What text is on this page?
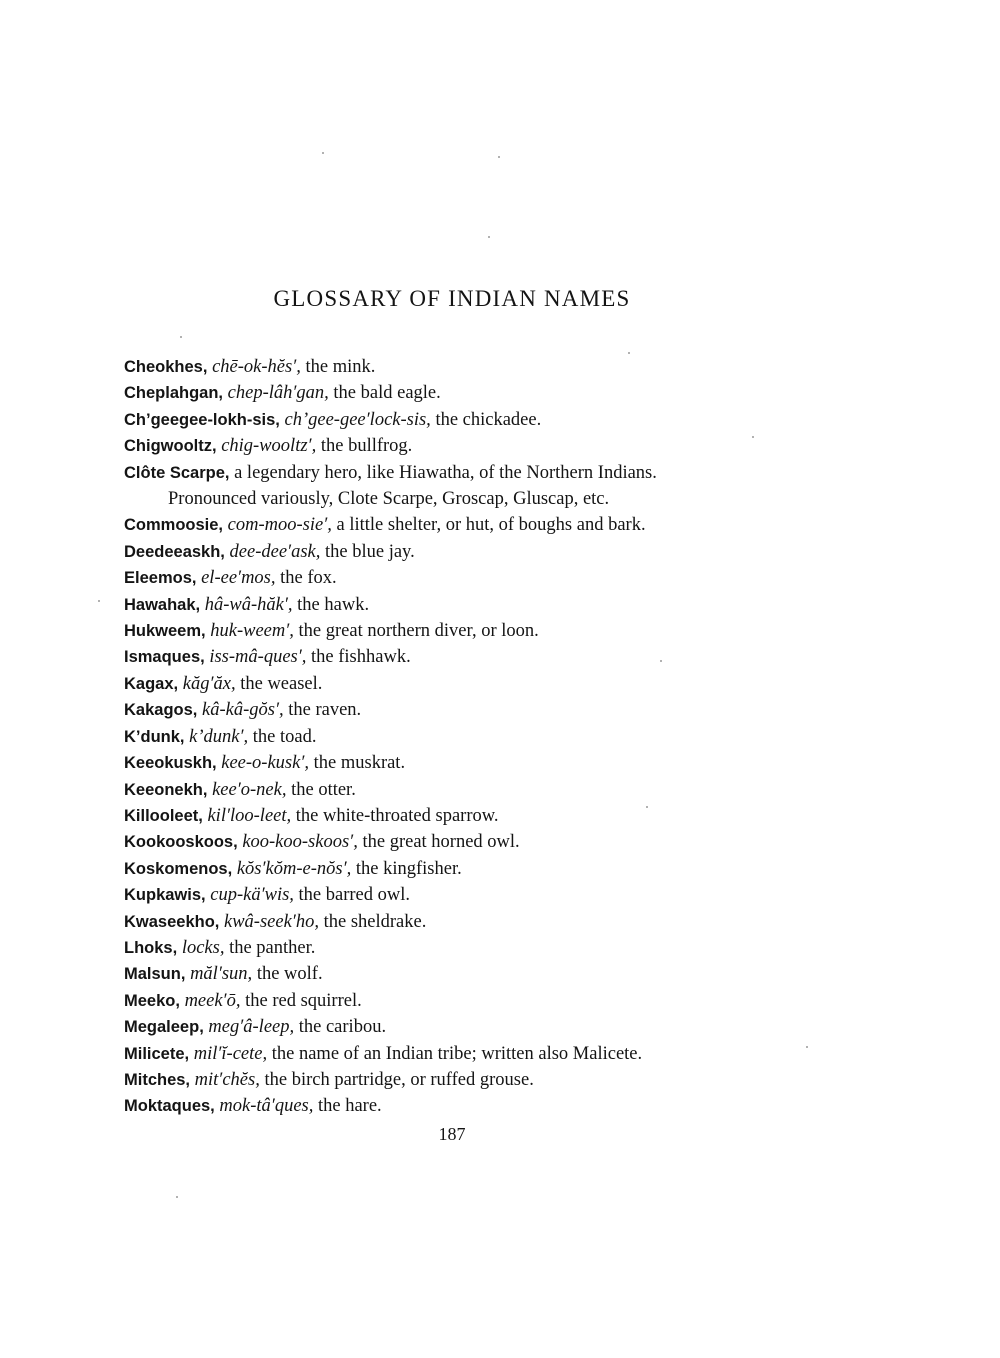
GLOSSARY OF INDIAN NAMES
Cheokhes, chē-ok-hĕs′, the mink.
Cheplahgan, chep-lâh′gan, the bald eagle.
Ch’geegee-lokh-sis, ch’gee-gee′lock-sis, the chickadee.
Chigwooltz, chig-wooltz′, the bullfrog.
Clôte Scarpe, a legendary hero, like Hiawatha, of the Northern Indians.
Pronounced variously, Clote Scarpe, Groscap, Gluscap, etc.
Commoosie, com-moo-sie′, a little shelter, or hut, of boughs and bark.
Deedeeaskh, dee-dee′ask, the blue jay.
Eleemos, el-ee′mos, the fox.
Hawahak, hâ-wâ-hăk′, the hawk.
Hukweem, huk-weem′, the great northern diver, or loon.
Ismaques, iss-mâ-ques′, the fishhawk.
Kagax, kăg′ăx, the weasel.
Kakagos, kâ-kâ-gŏs′, the raven.
K’dunk, k’dunk′, the toad.
Keeokuskh, kee-o-kusk′, the muskrat.
Keeonekh, kee′o-nek, the otter.
Killooleet, kil′loo-leet, the white-throated sparrow.
Kookooskoos, koo-koo-skoos′, the great horned owl.
Koskomenos, kŏs′kŏm-e-nŏs′, the kingfisher.
Kupkawis, cup-kä′wis, the barred owl.
Kwaseekho, kwâ-seek′ho, the sheldrake.
Lhoks, locks, the panther.
Malsun, măl′sun, the wolf.
Meeko, meek′ō, the red squirrel.
Megaleep, meg′â-leep, the caribou.
Milicete, mil′ĭ-cete, the name of an Indian tribe; written also Malicete.
Mitches, mit′chĕs, the birch partridge, or ruffed grouse.
Moktaques, mok-tâ′ques, the hare.
187
